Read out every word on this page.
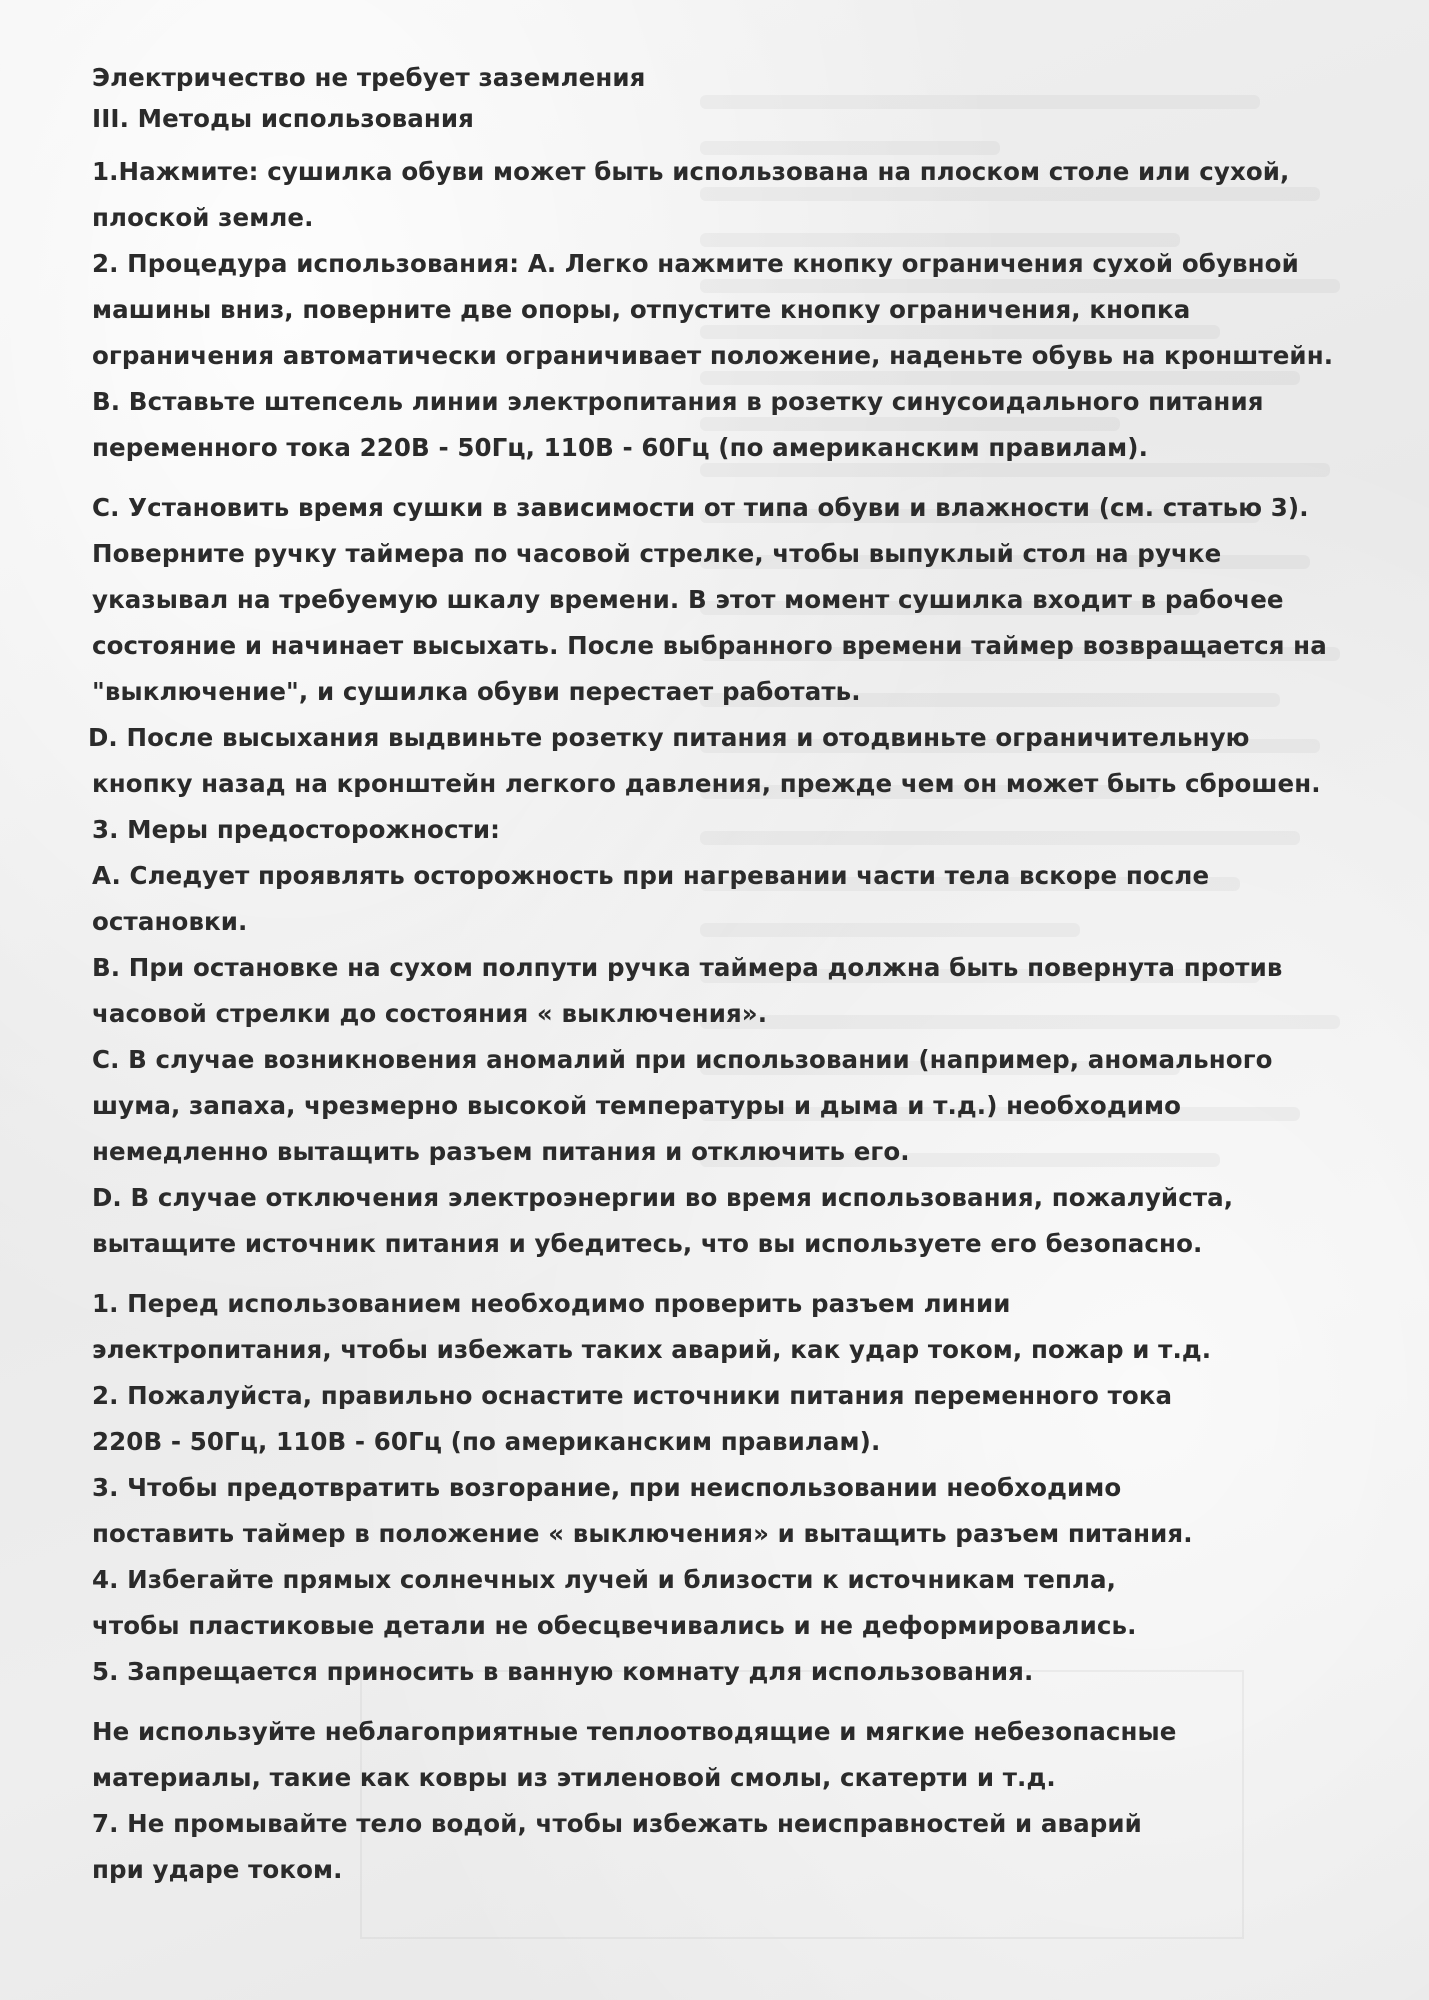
Электричество не требует заземления
III. Методы использования
1.Нажмите: сушилка обуви может быть использована на плоском столе или сухой,
плоской земле.
2. Процедура использования: А. Легко нажмите кнопку ограничения сухой обувной
машины вниз, поверните две опоры, отпустите кнопку ограничения, кнопка
ограничения автоматически ограничивает положение, наденьте обувь на кронштейн.
B. Вставьте штепсель линии электропитания в розетку синусоидального питания
переменного тока 220В - 50Гц, 110В - 60Гц (по американским правилам).
C. Установить время сушки в зависимости от типа обуви и влажности (см. статью 3).
Поверните ручку таймера по часовой стрелке, чтобы выпуклый стол на ручке
указывал на требуемую шкалу времени. В этот момент сушилка входит в рабочее
состояние и начинает высыхать. После выбранного времени таймер возвращается на
"выключение", и сушилка обуви перестает работать.
D. После высыхания выдвиньте розетку питания и отодвиньте ограничительную
кнопку назад на кронштейн легкого давления, прежде чем он может быть сброшен.
3. Меры предосторожности:
A. Следует проявлять осторожность при нагревании части тела вскоре после
остановки.
B. При остановке на сухом полпути ручка таймера должна быть повернута против
часовой стрелки до состояния « выключения».
C. В случае возникновения аномалий при использовании (например, аномального
шума, запаха, чрезмерно высокой температуры и дыма и т.д.) необходимо
немедленно вытащить разъем питания и отключить его.
D. В случае отключения электроэнергии во время использования, пожалуйста,
вытащите источник питания и убедитесь, что вы используете его безопасно.
1. Перед использованием необходимо проверить разъем линии
электропитания, чтобы избежать таких аварий, как удар током, пожар и т.д.
2. Пожалуйста, правильно оснастите источники питания переменного тока
220В - 50Гц, 110В - 60Гц (по американским правилам).
3. Чтобы предотвратить возгорание, при неиспользовании необходимо
поставить таймер в положение « выключения» и вытащить разъем питания.
4. Избегайте прямых солнечных лучей и близости к источникам тепла,
чтобы пластиковые детали не обесцвечивались и не деформировались.
5. Запрещается приносить в ванную комнату для использования.
Не используйте неблагоприятные теплоотводящие и мягкие небезопасные
материалы, такие как ковры из этиленовой смолы, скатерти и т.д.
7. Не промывайте тело водой, чтобы избежать неисправностей и аварий
при ударе током.
